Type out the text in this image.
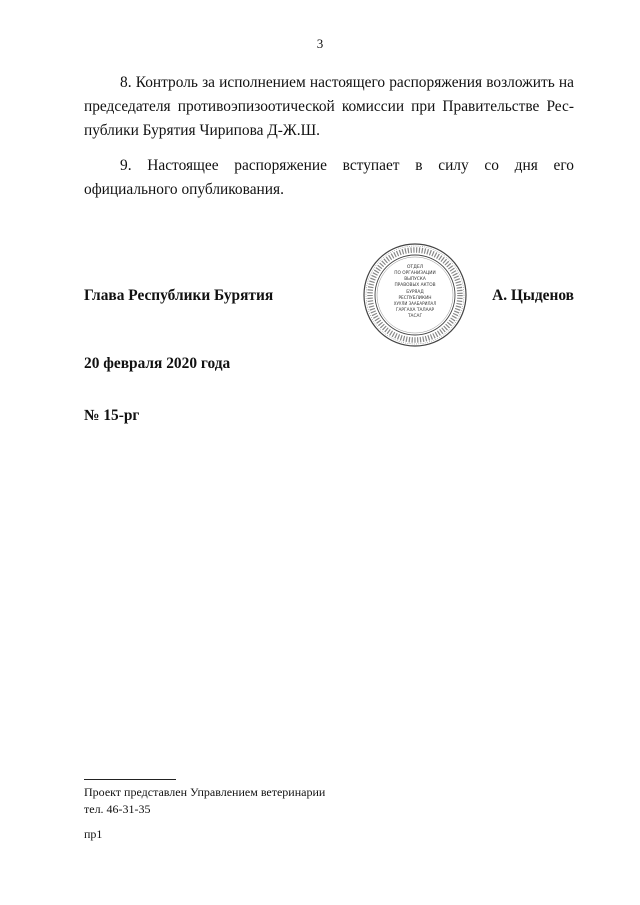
3
8. Контроль за исполнением настоящего распоряжения возложить на председателя противоэпизоотической комиссии при Правительстве Республики Бурятия Чирипова Д-Ж.Ш.
9. Настоящее распоряжение вступает в силу со дня его официального опубликования.
Глава Республики Бурятия	А. Цыденов
ОТДЕЛ
ПО ОРГАНИЗАЦИИ
ВЫПУСКА
ПРАВОВЫХ АКТОВ
БУРЯАД
РЕСПУБЛИКИН
ХУУЛИ ЗААБАРИЛАЛ
ГАРГАХА ТАЛААР
ТАСАГ
20 февраля 2020 года
№ 15-рг
Проект представлен Управлением ветеринарии
тел. 46-31-35
пр1
